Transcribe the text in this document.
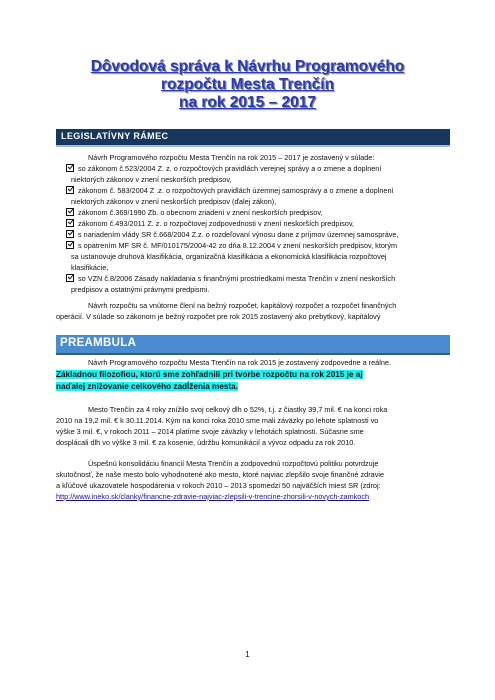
Dôvodová správa k Návrhu Programového
rozpočtu Mesta Trenčín
na rok 2015 – 2017
LEGISLATÍVNY RÁMEC
Návrh Programového rozpočtu Mesta Trenčín na rok 2015 – 2017 je zostavený v súlade:
so zákonom č.523/2004 Z. z. o rozpočtových pravidlách verejnej správy a o zmene a doplnení
niektorých zákonov v znení neskorších predpisov,
zákonom č. 583/2004 Z .z. o rozpočtových pravidlách územnej samosprávy a o zmene a doplnení
niektorých zákonov v znení neskorších predpisov (ďalej zákon),
zákonom č.369/1990 Zb. o obecnom zriadení v znení neskorších predpisov,
zákonom č.493/2011 Z. z. o rozpočtovej zodpovednosti v znení neskorších predpisov,
s nariadením vlády SR č.668/2004 Z.z. o rozdeľovaní výnosu dane z príjmov územnej samospráve,
s opatrením MF SR č. MF/010175/2004-42 zo dňa 8.12.2004 v znení neskorších predpisov, ktorým
sa ustanovuje druhová klasifikácia, organizačná klasifikácia a ekonomická klasifikácia rozpočtovej
klasifikácie,
so VZN č.8/2006 Zásady nakladania s finančnými prostriedkami mesta Trenčín v znení neskorších
predpisov a ostatnými právnymi predpismi.
Návrh rozpočtu sa vnútorne člení na bežný rozpočet, kapitálový rozpočet a rozpočet finančných
operácií. V súlade so zákonom je bežný rozpočet pre rok 2015 zostavený ako prebytkový, kapitálový
PREAMBULA
Návrh Programového rozpočtu Mesta Trenčín na rok 2015 je zostavený zodpovedne a reálne.
Základnou filozofiou, ktorú sme zohľadnili pri tvorbe rozpočtu na rok 2015 je aj
naďalej znižovanie celkového zadĺženia mesta.
Mesto Trenčín za 4 roky znížilo svoj celkový dlh o 52%, t.j. z čiastky 39,7 mil. € na konci roka
2010 na 19,2 mil. € k 30.11.2014. Kým na konci roka 2010 sme mali záväzky po lehote splatnosti vo
výške 3 mil. €, v rokoch 2011 – 2014 platíme svoje záväzky v lehotách splatnosti. Súčasne sme
dosplácali dlh vo výške 3 mil. € za kosenie, údržbu komunikácií a vývoz odpadu za rok 2010.
Úspešnú konsolidáciu financií Mesta Trenčín a zodpovednú rozpočtovú politiku potvrdzuje
skutočnosť, že naše mesto bolo vyhodnotené ako mesto, ktoré najviac zlepšilo svoje finančné zdravie
a kľúčové ukazovatele hospodárenia v rokoch 2010 – 2013 spomedzi 50 najväčších miest SR (zdroj:
http://www.ineko.sk/clanky/financne-zdravie-najviac-zlepsili-v-trencine-zhorsili-v-novych-zamkoch
1
